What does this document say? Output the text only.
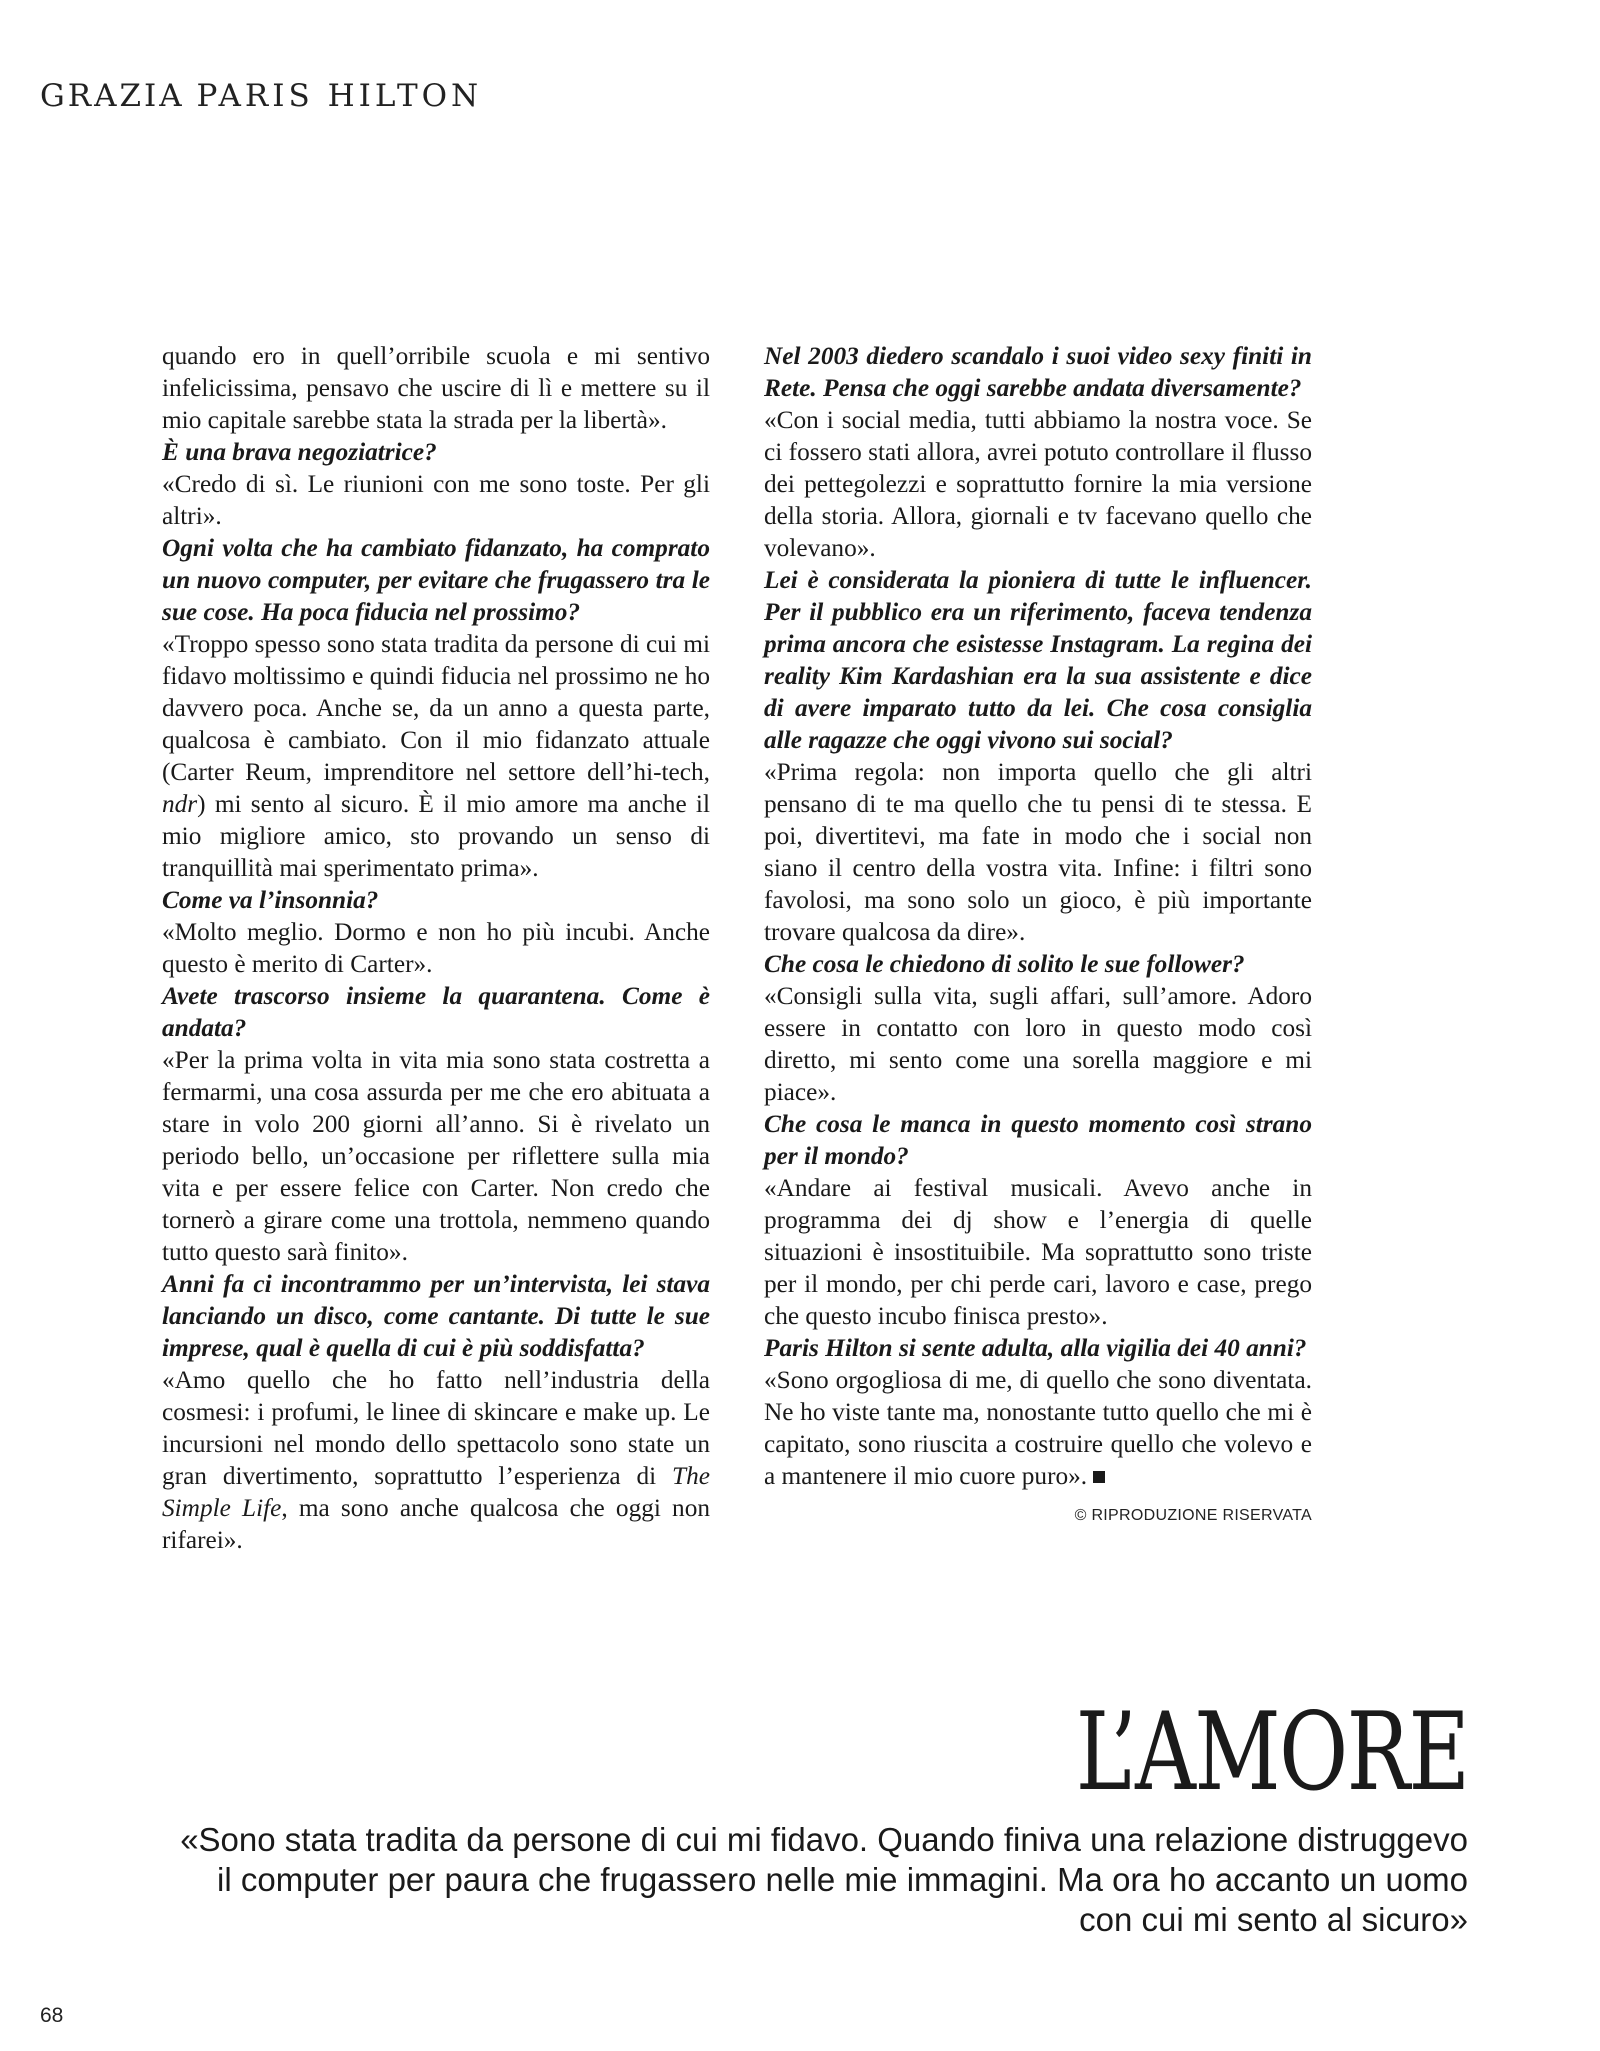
GRAZIA PARIS HILTON

quando ero in quell’orribile scuola e mi sentivo infelicissima, pensavo che uscire di lì e mettere su il mio capitale sarebbe stata la strada per la libertà».

È una brava negoziatrice?

«Credo di sì. Le riunioni con me sono toste. Per gli altri».

Ogni volta che ha cambiato fidanzato, ha comprato un nuovo computer, per evitare che frugassero tra le sue cose. Ha poca fiducia nel prossimo?

«Troppo spesso sono stata tradita da persone di cui mi fidavo moltissimo e quindi fiducia nel prossimo ne ho davvero poca. Anche se, da un anno a questa parte, qualcosa è cambiato. Con il mio fidanzato attuale (Carter Reum, imprenditore nel settore dell’hi-tech, ndr) mi sento al sicuro. È il mio amore ma anche il mio migliore amico, sto provando un senso di tranquillità mai sperimentato prima».

Come va l’insonnia?

«Molto meglio. Dormo e non ho più incubi. Anche questo è merito di Carter».

Avete trascorso insieme la quarantena. Come è andata?

«Per la prima volta in vita mia sono stata costretta a fermarmi, una cosa assurda per me che ero abituata a stare in volo 200 giorni all’anno. Si è rivelato un periodo bello, un’occasione per riflettere sulla mia vita e per essere felice con Carter. Non credo che tornerò a girare come una trottola, nemmeno quando tutto questo sarà finito».

Anni fa ci incontrammo per un’intervista, lei stava lanciando un disco, come cantante. Di tutte le sue imprese, qual è quella di cui è più soddisfatta?

«Amo quello che ho fatto nell’industria della cosmesi: i profumi, le linee di skincare e make up. Le incursioni nel mondo dello spettacolo sono state un gran divertimento, soprattutto l’esperienza di The Simple Life, ma sono anche qualcosa che oggi non rifarei».

Nel 2003 diedero scandalo i suoi video sexy finiti in Rete. Pensa che oggi sarebbe andata diversamente?

«Con i social media, tutti abbiamo la nostra voce. Se ci fossero stati allora, avrei potuto controllare il flusso dei pettegolezzi e soprattutto fornire la mia versione della storia. Allora, giornali e tv facevano quello che volevano».

Lei è considerata la pioniera di tutte le influencer. Per il pubblico era un riferimento, faceva tendenza prima ancora che esistesse Instagram. La regina dei reality Kim Kardashian era la sua assistente e dice di avere imparato tutto da lei. Che cosa consiglia alle ragazze che oggi vivono sui social?

«Prima regola: non importa quello che gli altri pensano di te ma quello che tu pensi di te stessa. E poi, divertitevi, ma fate in modo che i social non siano il centro della vostra vita. Infine: i filtri sono favolosi, ma sono solo un gioco, è più importante trovare qualcosa da dire».

Che cosa le chiedono di solito le sue follower?

«Consigli sulla vita, sugli affari, sull’amore. Adoro essere in contatto con loro in questo modo così diretto, mi sento come una sorella maggiore e mi piace».

Che cosa le manca in questo momento così strano per il mondo?

«Andare ai festival musicali. Avevo anche in programma dei dj show e l’energia di quelle situazioni è insostituibile. Ma soprattutto sono triste per il mondo, per chi perde cari, lavoro e case, prego che questo incubo finisca presto».

Paris Hilton si sente adulta, alla vigilia dei 40 anni?

«Sono orgogliosa di me, di quello che sono diventata. Ne ho viste tante ma, nonostante tutto quello che mi è capitato, sono riuscita a costruire quello che volevo e a mantenere il mio cuore puro».

© RIPRODUZIONE RISERVATA
L’AMORE
«Sono stata tradita da persone di cui mi fidavo. Quando finiva una relazione distruggevo il computer per paura che frugassero nelle mie immagini. Ma ora ho accanto un uomo con cui mi sento al sicuro»
68
